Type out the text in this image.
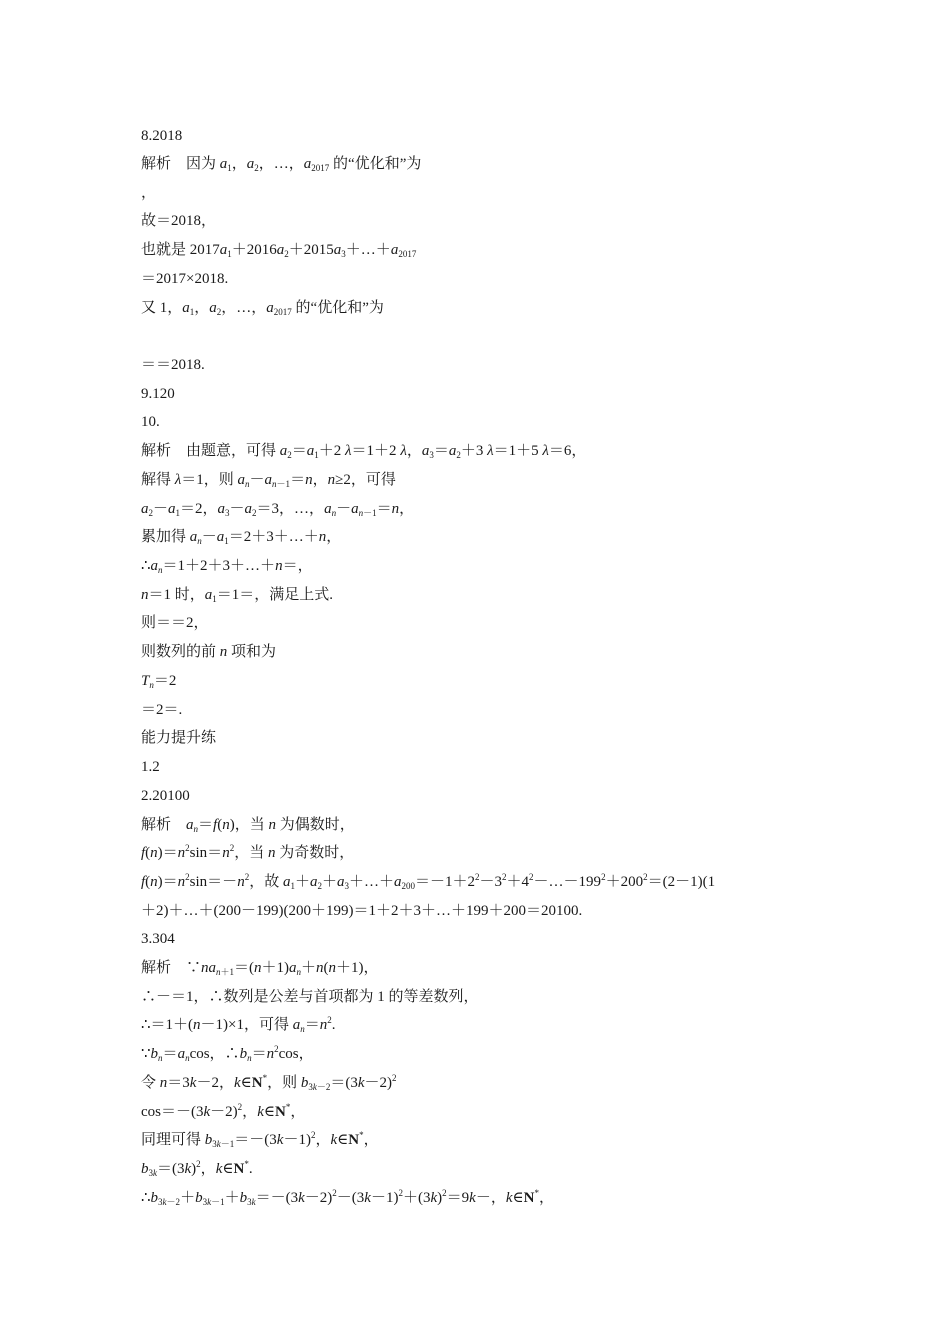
8.2018
解析　因为 $a_1$，$a_2$，…，$a_{2017}$ 的“优化和”为
，
故＝2018，
也就是 $2017a_1+2016a_2+2015a_3+\dots+a_{2017}$
＝2017×2018.
又 1，$a_1$，$a_2$，…，$a_{2017}$ 的“优化和”为
＝＝2018.
9.120
10.
解析　由题意，可得 $a_2=a_1+2$ λ＝1＋2 λ，$a_3=a_2+3$ λ＝1＋5 λ＝6，
解得 λ＝1，则 $a_n-a_{n-1}=n$，n≥2，可得
$a_2-a_1=2$，$a_3-a_2=3$，…，$a_n-a_{n-1}=n$，
累加得 $a_n-a_1=2+3+\dots+n$，
$\therefore a_n=1+2+3+\dots+n=$，
n＝1 时，$a_1=1=$，满足上式.
则＝＝2，
则数列的前 n 项和为
$T_n=2$
＝2＝.
能力提升练
1.2
2.20100
解析　$a_n=f(n)$，当 n 为偶数时，
$f(n)=n^2\sin=n^2$，当 n 为奇数时，
$f(n)=n^2\sin=-n^2$，故 $a_1+a_2+a_3+\dots+a_{200}=-1+2^2-3^2+4^2-\dots-199^2+200^2=(2-1)(1$
＋2)＋…＋(200－199)(200＋199)＝1＋2＋3＋…＋199＋200＝20100.
3.304
解析　$\because na_{n+1}=(n+1)a_n+n(n+1)$，
∴－＝1，∴数列是公差与首项都为 1 的等差数列，
∴＝1＋(n－1)×1，可得 $a_n=n^2$.
$\because b_n=a_n\cos$，$\therefore b_n=n^2\cos$，
令 n＝3k－2，k∈N*，则 $b_{3k-2}=(3k-2)^2$
$\cos=-(3k-2)^2$，k∈N*，
同理可得 $b_{3k-1}=-(3k-1)^2$，k∈N*，
$b_{3k}=(3k)^2$，k∈N*.
$\therefore b_{3k-2}+b_{3k-1}+b_{3k}=-(3k-2)^2-(3k-1)^2+(3k)^2=9k-$，k∈N*，
